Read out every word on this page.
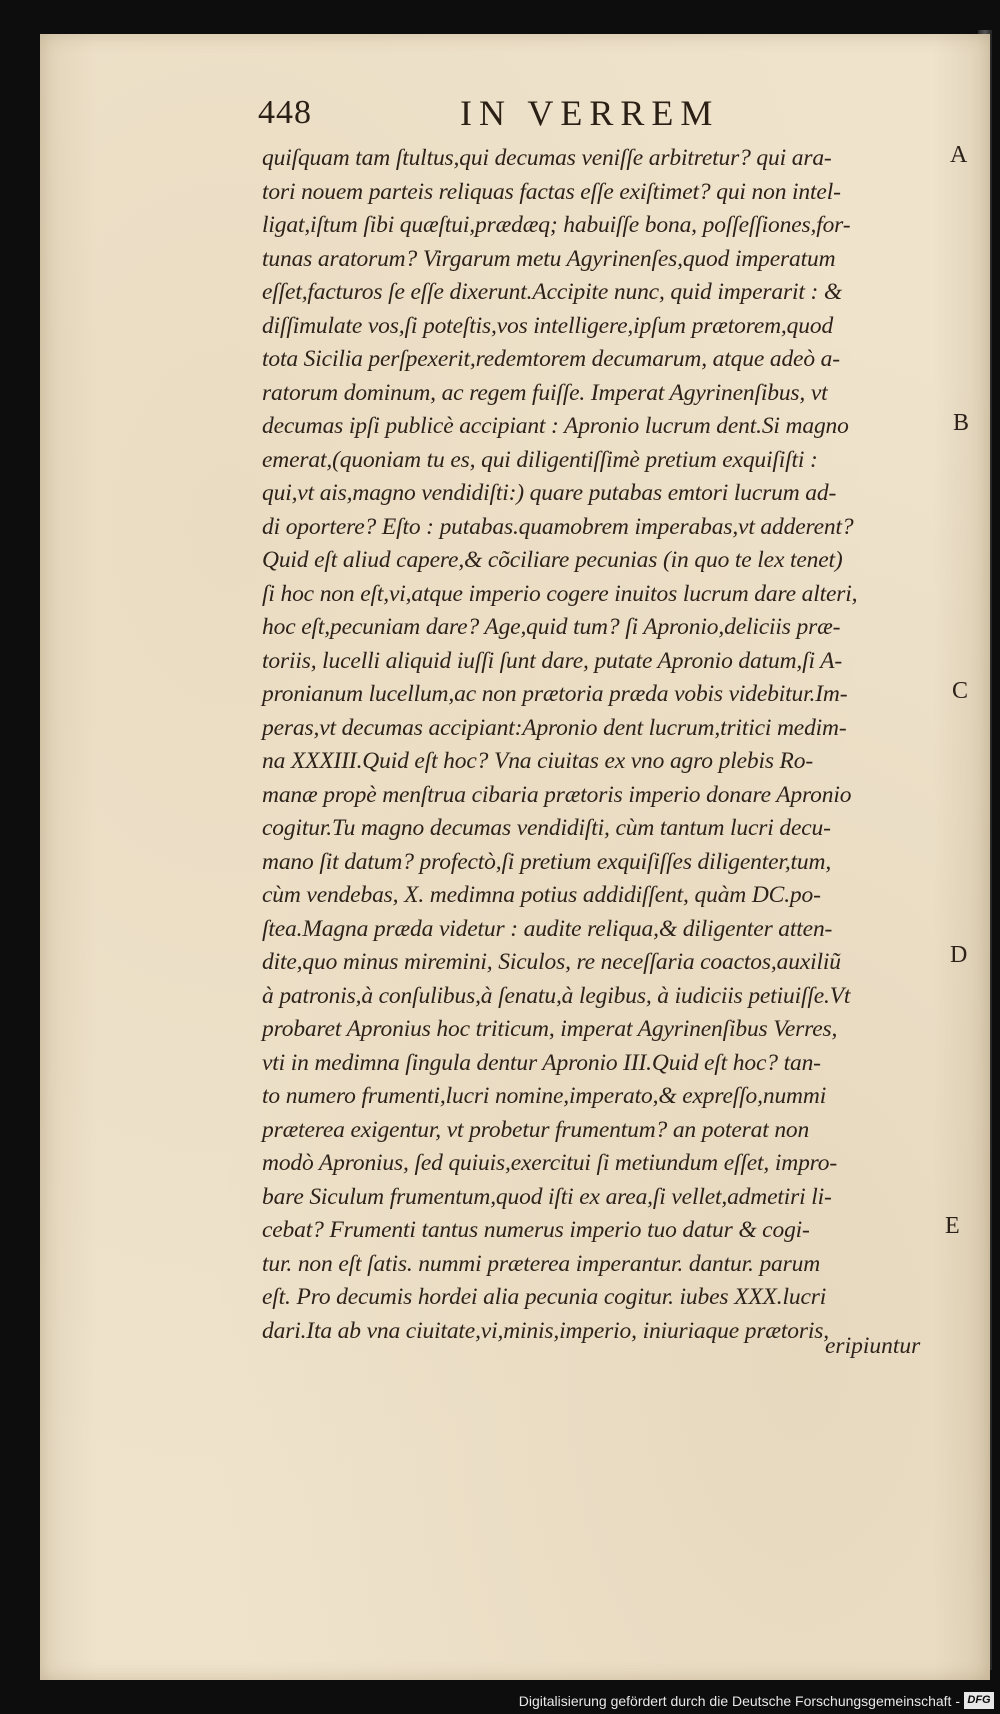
448	IN VERREM
quiſquam tam ſtultus,qui decumas veniſſe arbitretur? qui ara-
tori nouem parteis reliquas factas eſſe exiſtimet? qui non intel-
ligat,iſtum ſibi quæſtui,prædæq; habuiſſe bona, poſſeſſiones,for-
tunas aratorum? Virgarum metu Agyrinenſes,quod imperatum
eſſet,facturos ſe eſſe dixerunt.Accipite nunc, quid imperarit : &
diſſimulate vos,ſi poteſtis,vos intelligere,ipſum prætorem,quod
tota Sicilia perſpexerit,redemtorem decumarum, atque adeò a-
ratorum dominum, ac regem fuiſſe. Imperat Agyrinenſibus, vt
decumas ipſi publicè accipiant : Apronio lucrum dent.Si magno
emerat,(quoniam tu es, qui diligentiſſimè pretium exquiſiſti :
qui,vt ais,magno vendidiſti:) quare putabas emtori lucrum ad-
di oportere? Eſto : putabas.quamobrem imperabas,vt adderent?
Quid eſt aliud capere,& cõciliare pecunias (in quo te lex tenet)
ſi hoc non eſt,vi,atque imperio cogere inuitos lucrum dare alteri,
hoc eſt,pecuniam dare? Age,quid tum? ſi Apronio,deliciis præ-
toriis, lucelli aliquid iuſſi ſunt dare, putate Apronio datum,ſi A-
pronianum lucellum,ac non prætoria præda vobis videbitur.Im-
peras,vt decumas accipiant:Apronio dent lucrum,tritici medim-
na XXXIII.Quid eſt hoc? Vna ciuitas ex vno agro plebis Ro-
manæ propè menſtrua cibaria prætoris imperio donare Apronio
cogitur.Tu magno decumas vendidiſti, cùm tantum lucri decu-
mano ſit datum? profectò,ſi pretium exquiſiſſes diligenter,tum,
cùm vendebas, X. medimna potius addidiſſent, quàm DC.po-
ſtea.Magna præda videtur : audite reliqua,& diligenter atten-
dite,quo minus miremini, Siculos, re neceſſaria coactos,auxiliũ
à patronis,à conſulibus,à ſenatu,à legibus, à iudiciis petiuiſſe.Vt
probaret Apronius hoc triticum, imperat Agyrinenſibus Verres,
vti in medimna ſingula dentur Apronio III.Quid eſt hoc? tan-
to numero frumenti,lucri nomine,imperato,& expreſſo,nummi
præterea exigentur, vt probetur frumentum? an poterat non
modò Apronius, ſed quiuis,exercitui ſi metiundum eſſet, impro-
bare Siculum frumentum,quod iſti ex area,ſi vellet,admetiri li-
cebat? Frumenti tantus numerus imperio tuo datur & cogi-
tur. non eſt ſatis. nummi præterea imperantur. dantur. parum
eſt. Pro decumis hordei alia pecunia cogitur. iubes XXX.lucri
dari.Ita ab vna ciuitate,vi,minis,imperio, iniuriaque prætoris,
A
B
C
D
E
eripiuntur
Digitalisierung gefördert durch die Deutsche Forschungsgemeinschaft - DFG
